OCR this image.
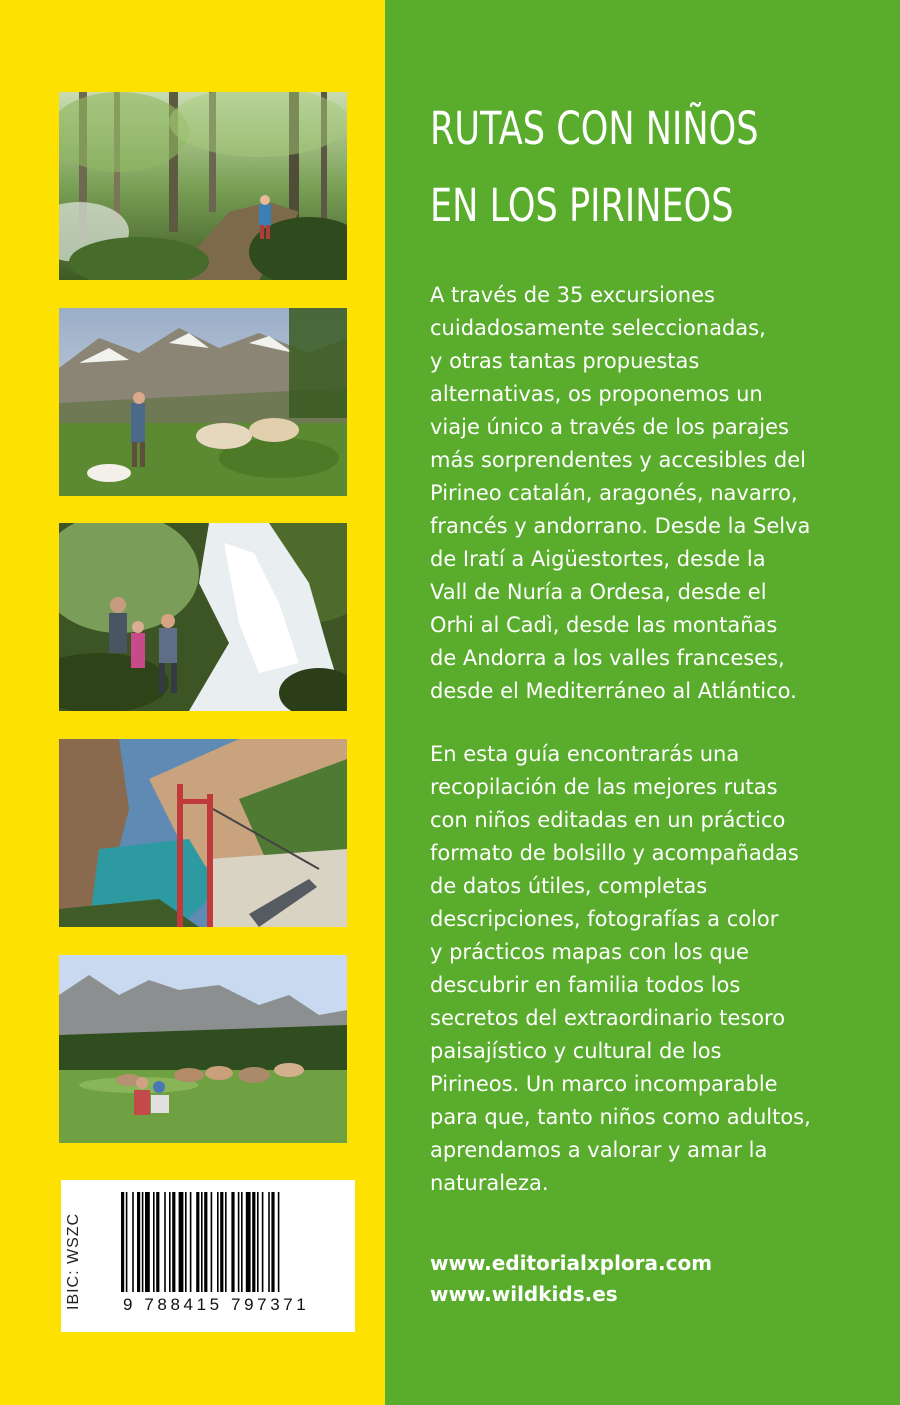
IBIC: WSZC 9 788415 797371
RUTAS CON NIÑOS
EN LOS PIRINEOS
A través de 35 excursiones
cuidadosamente seleccionadas,
y otras tantas propuestas
alternativas, os proponemos un
viaje único a través de los parajes
más sorprendentes y accesibles del
Pirineo catalán, aragonés, navarro,
francés y andorrano. Desde la Selva
de Iratí a Aigüestortes, desde la
Vall de Nuría a Ordesa, desde el
Orhi al Cadì, desde las montañas
de Andorra a los valles franceses,
desde el Mediterráneo al Atlántico.
En esta guía encontrarás una
recopilación de las mejores rutas
con niños editadas en un práctico
formato de bolsillo y acompañadas
de datos útiles, completas
descripciones, fotografías a color
y prácticos mapas con los que
descubrir en familia todos los
secretos del extraordinario tesoro
paisajístico y cultural de los
Pirineos. Un marco incomparable
para que, tanto niños como adultos,
aprendamos a valorar y amar la
naturaleza.
www.editorialxplora.com
www.wildkids.es
